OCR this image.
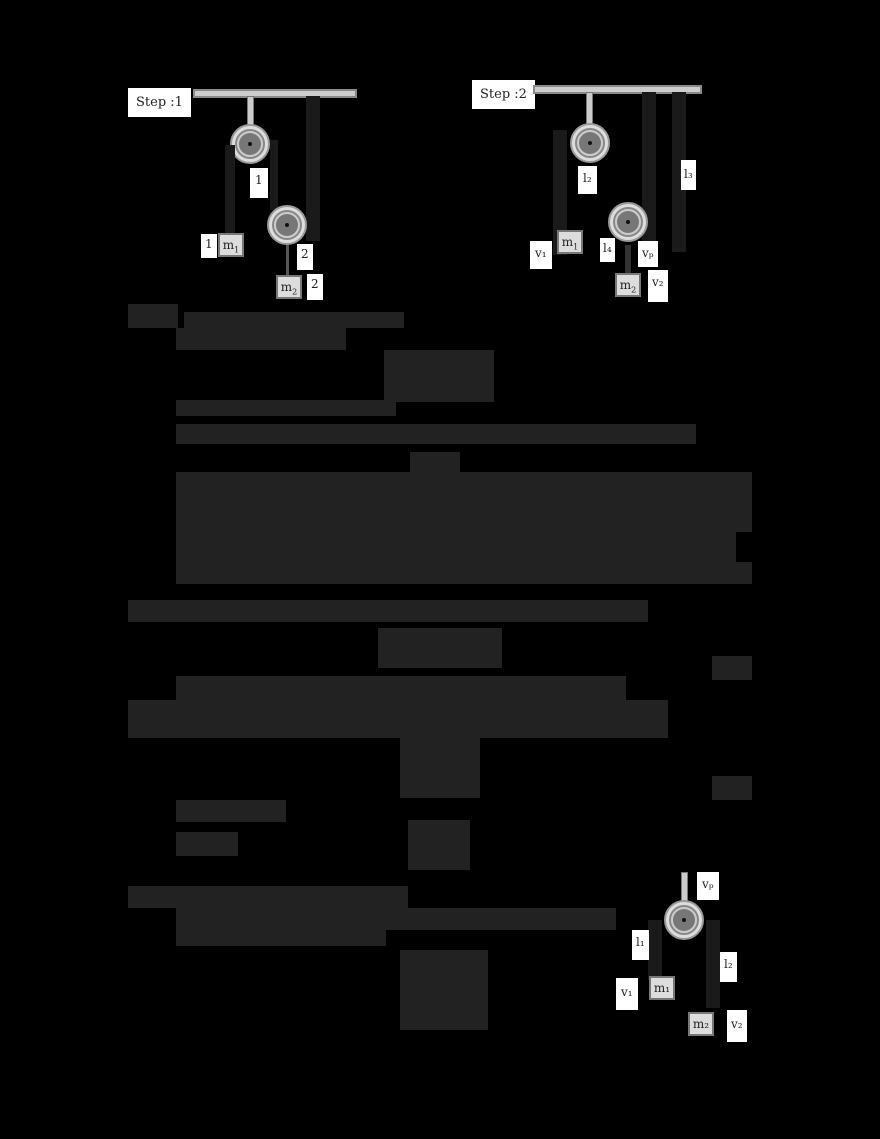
Step :1
1
1 $m_1$	2
$m_2$
2
Step :2
l₂	l₃
$m_1$
v₁	l₄	vₚ
$m_2$
v₂
vₚ
l₁
l₂
v₁	m₁
m₂	v₂
